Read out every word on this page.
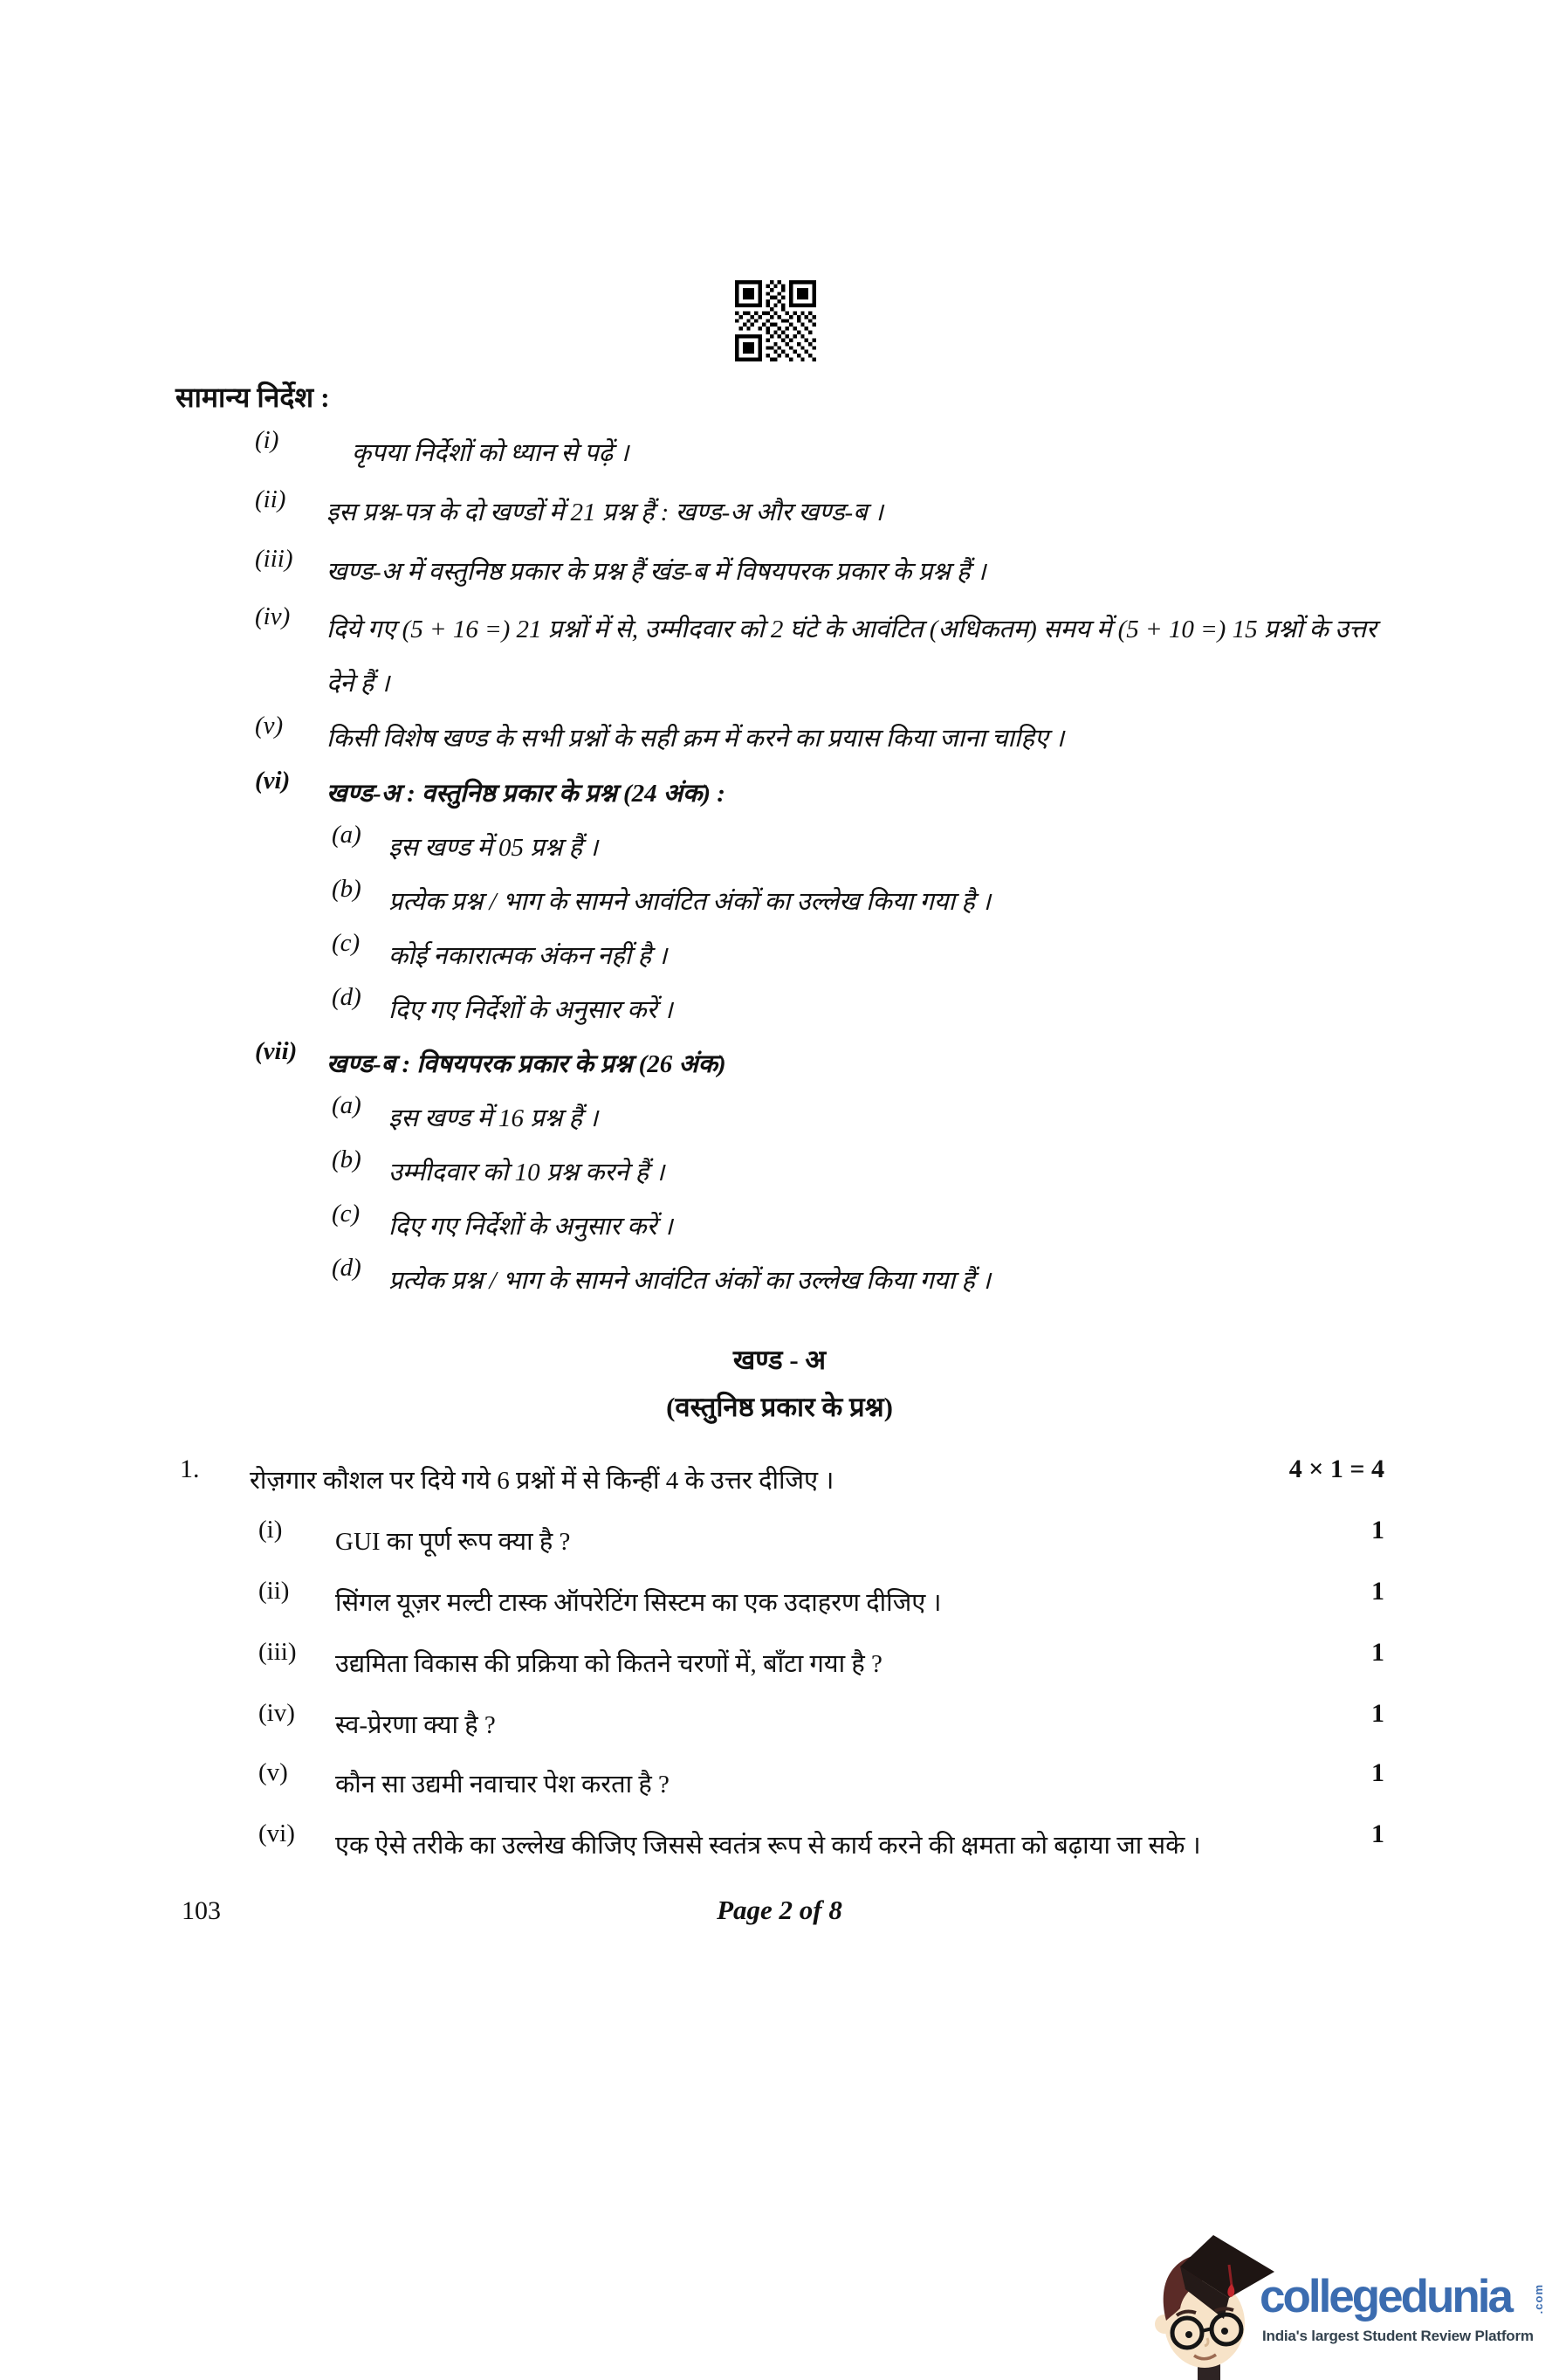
सामान्य निर्देश :
(i)	कृपया निर्देशों को ध्यान से पढ़ें ।
(ii) इस प्रश्न-पत्र के दो खण्डों में 21 प्रश्न हैं : खण्ड-अ और खण्ड-ब ।
(iii) खण्ड-अ में वस्तुनिष्ठ प्रकार के प्रश्न हैं खंड-ब में विषयपरक प्रकार के प्रश्न हैं ।
(iv) दिये गए (5 + 16 =) 21 प्रश्नों में से, उम्मीदवार को 2 घंटे के आवंटित (अधिकतम) समय में (5 + 10 =) 15 प्रश्नों के उत्तर देने हैं ।
(v) किसी विशेष खण्ड के सभी प्रश्नों के सही क्रम में करने का प्रयास किया जाना चाहिए ।
(vi) खण्ड-अ : वस्तुनिष्ठ प्रकार के प्रश्न (24 अंक) :
(a) इस खण्ड में 05 प्रश्न हैं ।
(b) प्रत्येक प्रश्न / भाग के सामने आवंटित अंकों का उल्लेख किया गया है ।
(c) कोई नकारात्मक अंकन नहीं है ।
(d) दिए गए निर्देशों के अनुसार करें ।
(vii) खण्ड-ब : विषयपरक प्रकार के प्रश्न (26 अंक)
(a) इस खण्ड में 16 प्रश्न हैं ।
(b) उम्मीदवार को 10 प्रश्न करने हैं ।
(c) दिए गए निर्देशों के अनुसार करें ।
(d) प्रत्येक प्रश्न / भाग के सामने आवंटित अंकों का उल्लेख किया गया हैं ।
खण्ड - अ
(वस्तुनिष्ठ प्रकार के प्रश्न)
1. रोज़गार कौशल पर दिये गये 6 प्रश्नों में से किन्हीं 4 के उत्तर दीजिए ।	4 × 1 = 4
(i) GUI का पूर्ण रूप क्या है ?	1
(ii) सिंगल यूज़र मल्टी टास्क ऑपरेटिंग सिस्टम का एक उदाहरण दीजिए ।	1
(iii) उद्यमिता विकास की प्रक्रिया को कितने चरणों में, बाँटा गया है ?	1
(iv) स्व-प्रेरणा क्या है ?	1
(v) कौन सा उद्यमी नवाचार पेश करता है ?	1
(vi) एक ऐसे तरीके का उल्लेख कीजिए जिससे स्वतंत्र रूप से कार्य करने की क्षमता को बढ़ाया जा सके ।	1
103	Page 2 of 8
collegedunia .com
India's largest Student Review Platform
